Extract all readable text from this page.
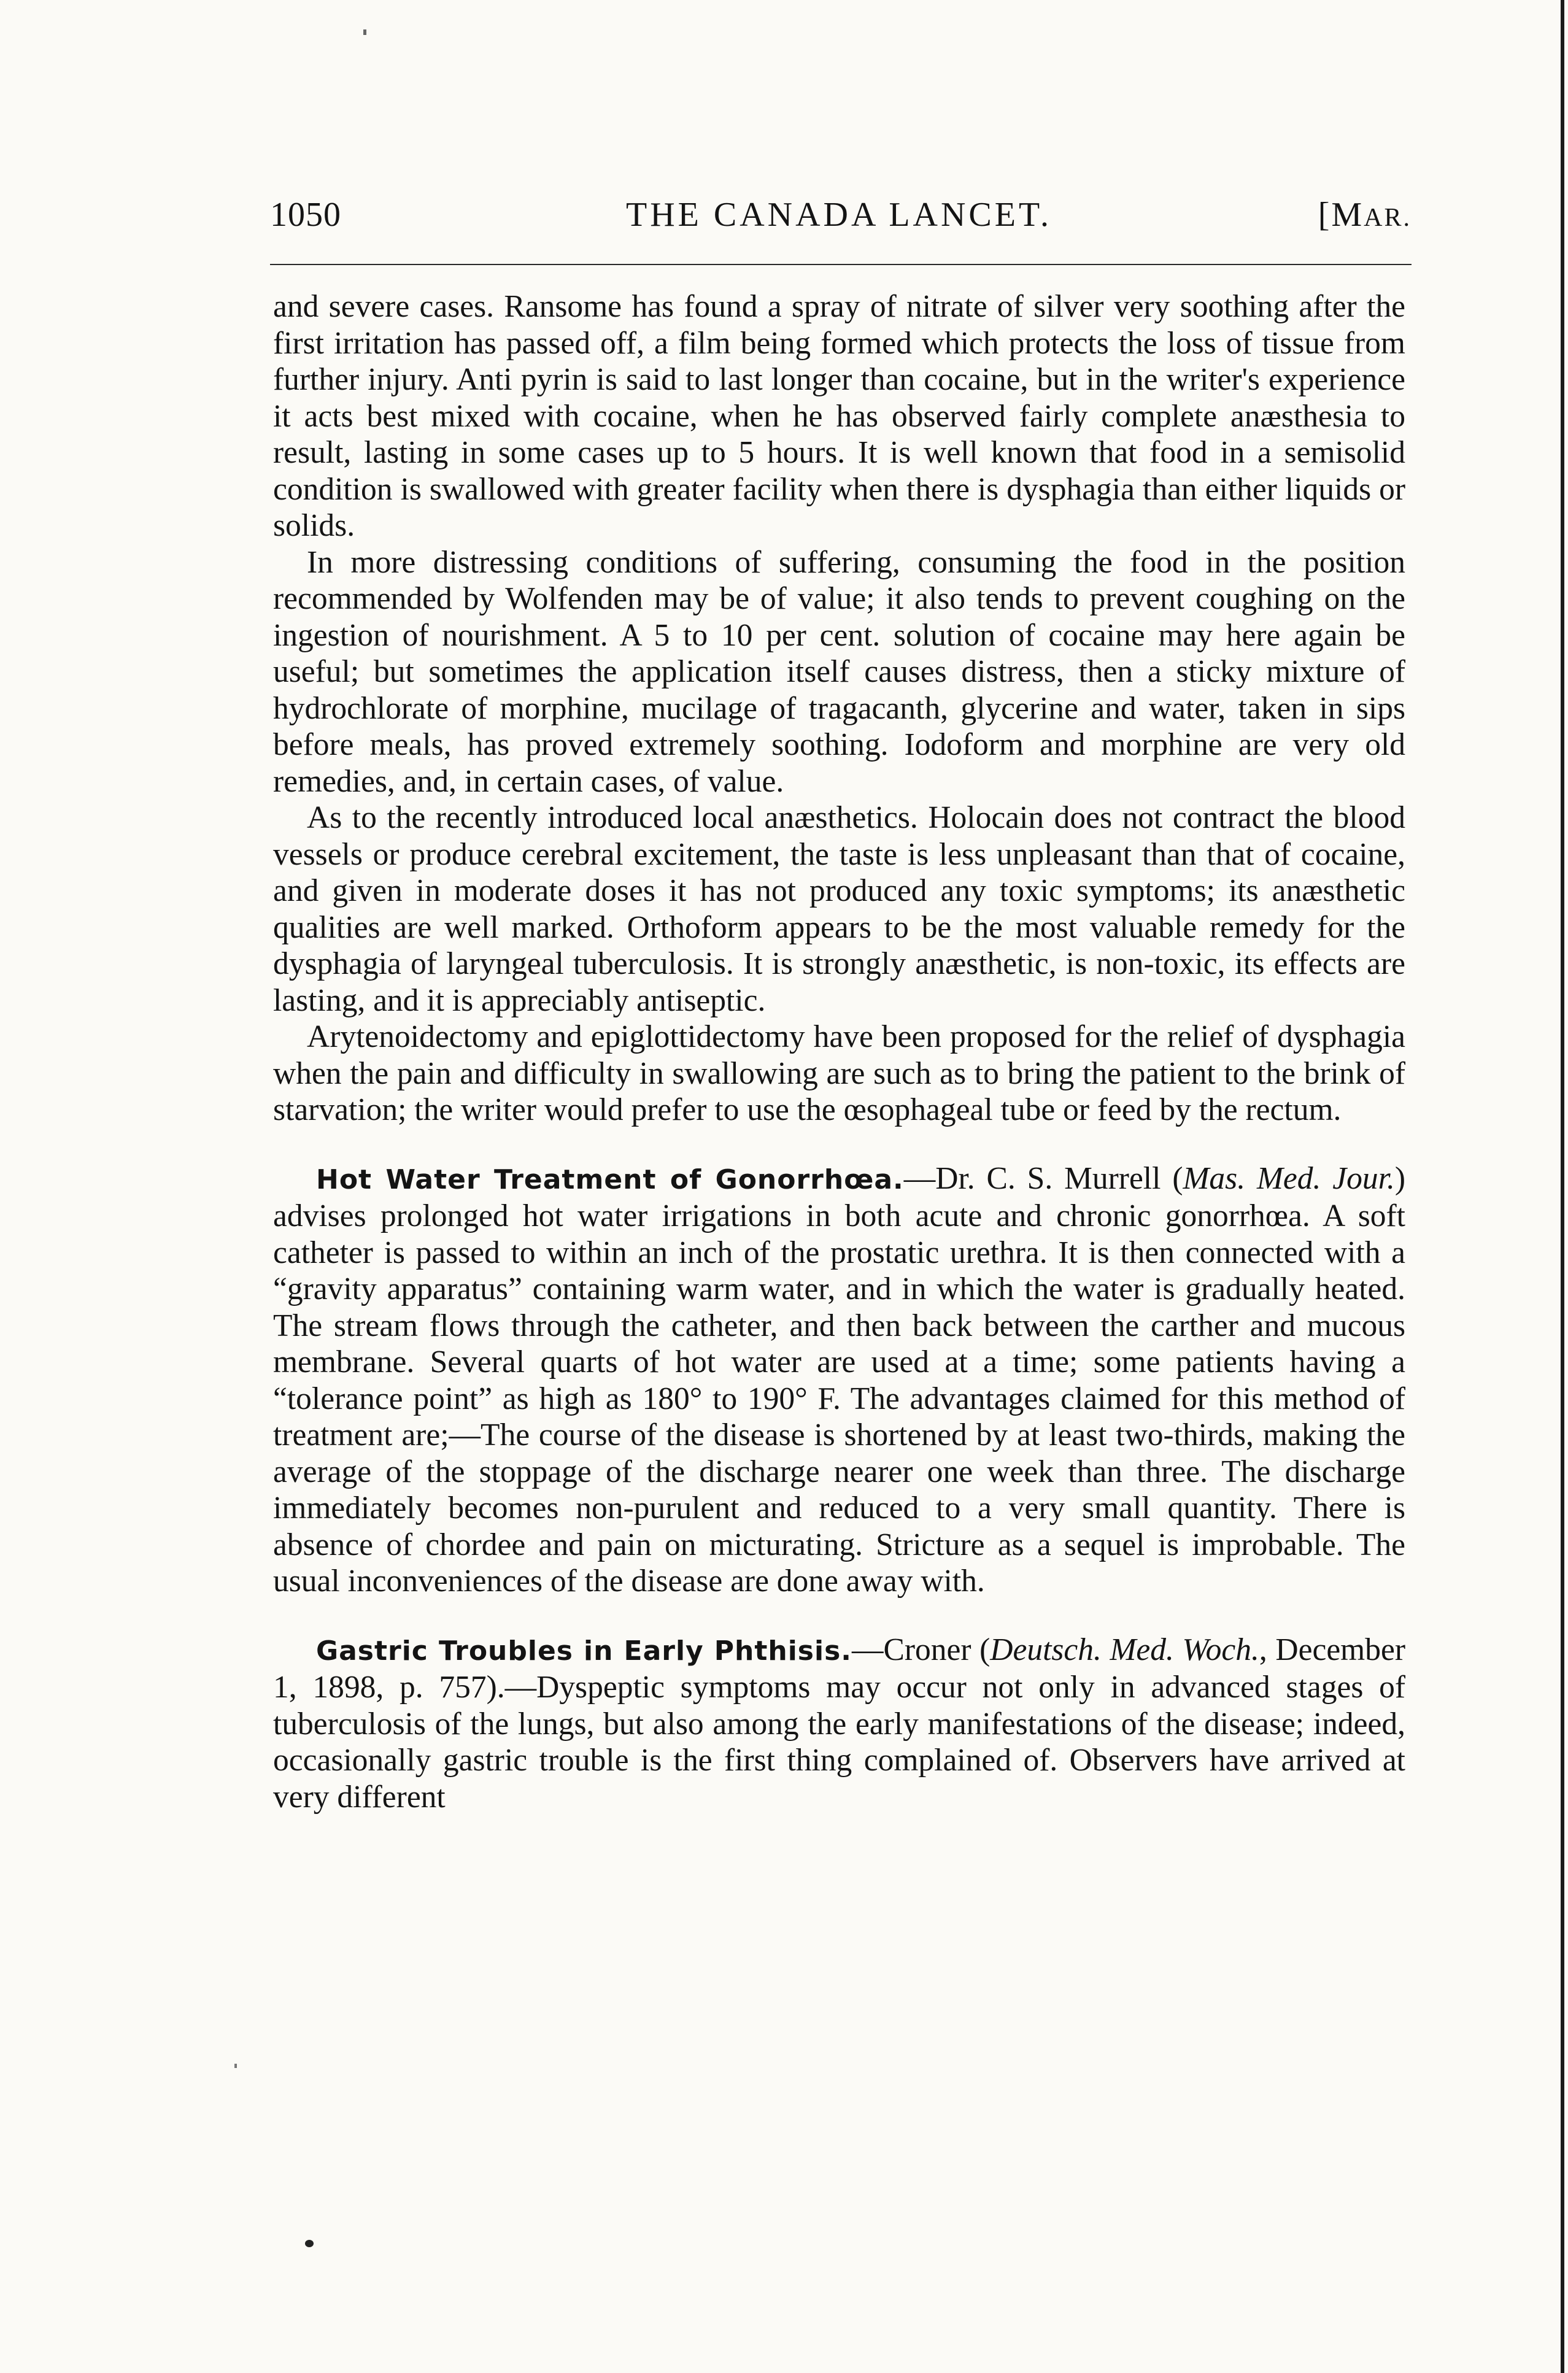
1050	THE CANADA LANCET.	[MAR.

and severe cases. Ransome has found a spray of nitrate of silver very soothing after the first irritation has passed off, a film being formed which protects the loss of tissue from further injury. Anti pyrin is said to last longer than cocaine, but in the writer's experience it acts best mixed with cocaine, when he has observed fairly complete anæsthesia to result, lasting in some cases up to 5 hours. It is well known that food in a semisolid condition is swallowed with greater facility when there is dysphagia than either liquids or solids.

In more distressing conditions of suffering, consuming the food in the position recommended by Wolfenden may be of value; it also tends to prevent coughing on the ingestion of nourishment. A 5 to 10 per cent. solution of cocaine may here again be useful; but sometimes the application itself causes distress, then a sticky mixture of hydrochlorate of morphine, mucilage of tragacanth, glycerine and water, taken in sips before meals, has proved extremely soothing. Iodoform and morphine are very old remedies, and, in certain cases, of value.

As to the recently introduced local anæsthetics. Holocain does not contract the blood vessels or produce cerebral excitement, the taste is less unpleasant than that of cocaine, and given in moderate doses it has not produced any toxic symptoms; its anæsthetic qualities are well marked. Orthoform appears to be the most valuable remedy for the dysphagia of laryngeal tuberculosis. It is strongly anæsthetic, is non-toxic, its effects are lasting, and it is appreciably antiseptic.

Arytenoidectomy and epiglottidectomy have been proposed for the relief of dysphagia when the pain and difficulty in swallowing are such as to bring the patient to the brink of starvation; the writer would prefer to use the œsophageal tube or feed by the rectum.

Hot Water Treatment of Gonorrhœa.—Dr. C. S. Murrell (Mas. Med. Jour.) advises prolonged hot water irrigations in both acute and chronic gonorrhœa. A soft catheter is passed to within an inch of the prostatic urethra. It is then connected with a “gravity apparatus” containing warm water, and in which the water is gradually heated. The stream flows through the catheter, and then back between the carther and mucous membrane. Several quarts of hot water are used at a time; some patients having a “tolerance point” as high as 180° to 190° F. The advantages claimed for this method of treatment are;—The course of the disease is shortened by at least two-thirds, making the average of the stoppage of the discharge nearer one week than three. The discharge immediately becomes non-purulent and reduced to a very small quantity. There is absence of chordee and pain on micturating. Stricture as a sequel is improbable. The usual inconveniences of the disease are done away with.

Gastric Troubles in Early Phthisis.—Croner (Deutsch. Med. Woch., December 1, 1898, p. 757).—Dyspeptic symptoms may occur not only in advanced stages of tuberculosis of the lungs, but also among the early manifestations of the disease; indeed, occasionally gastric trouble is the first thing complained of. Observers have arrived at very different
